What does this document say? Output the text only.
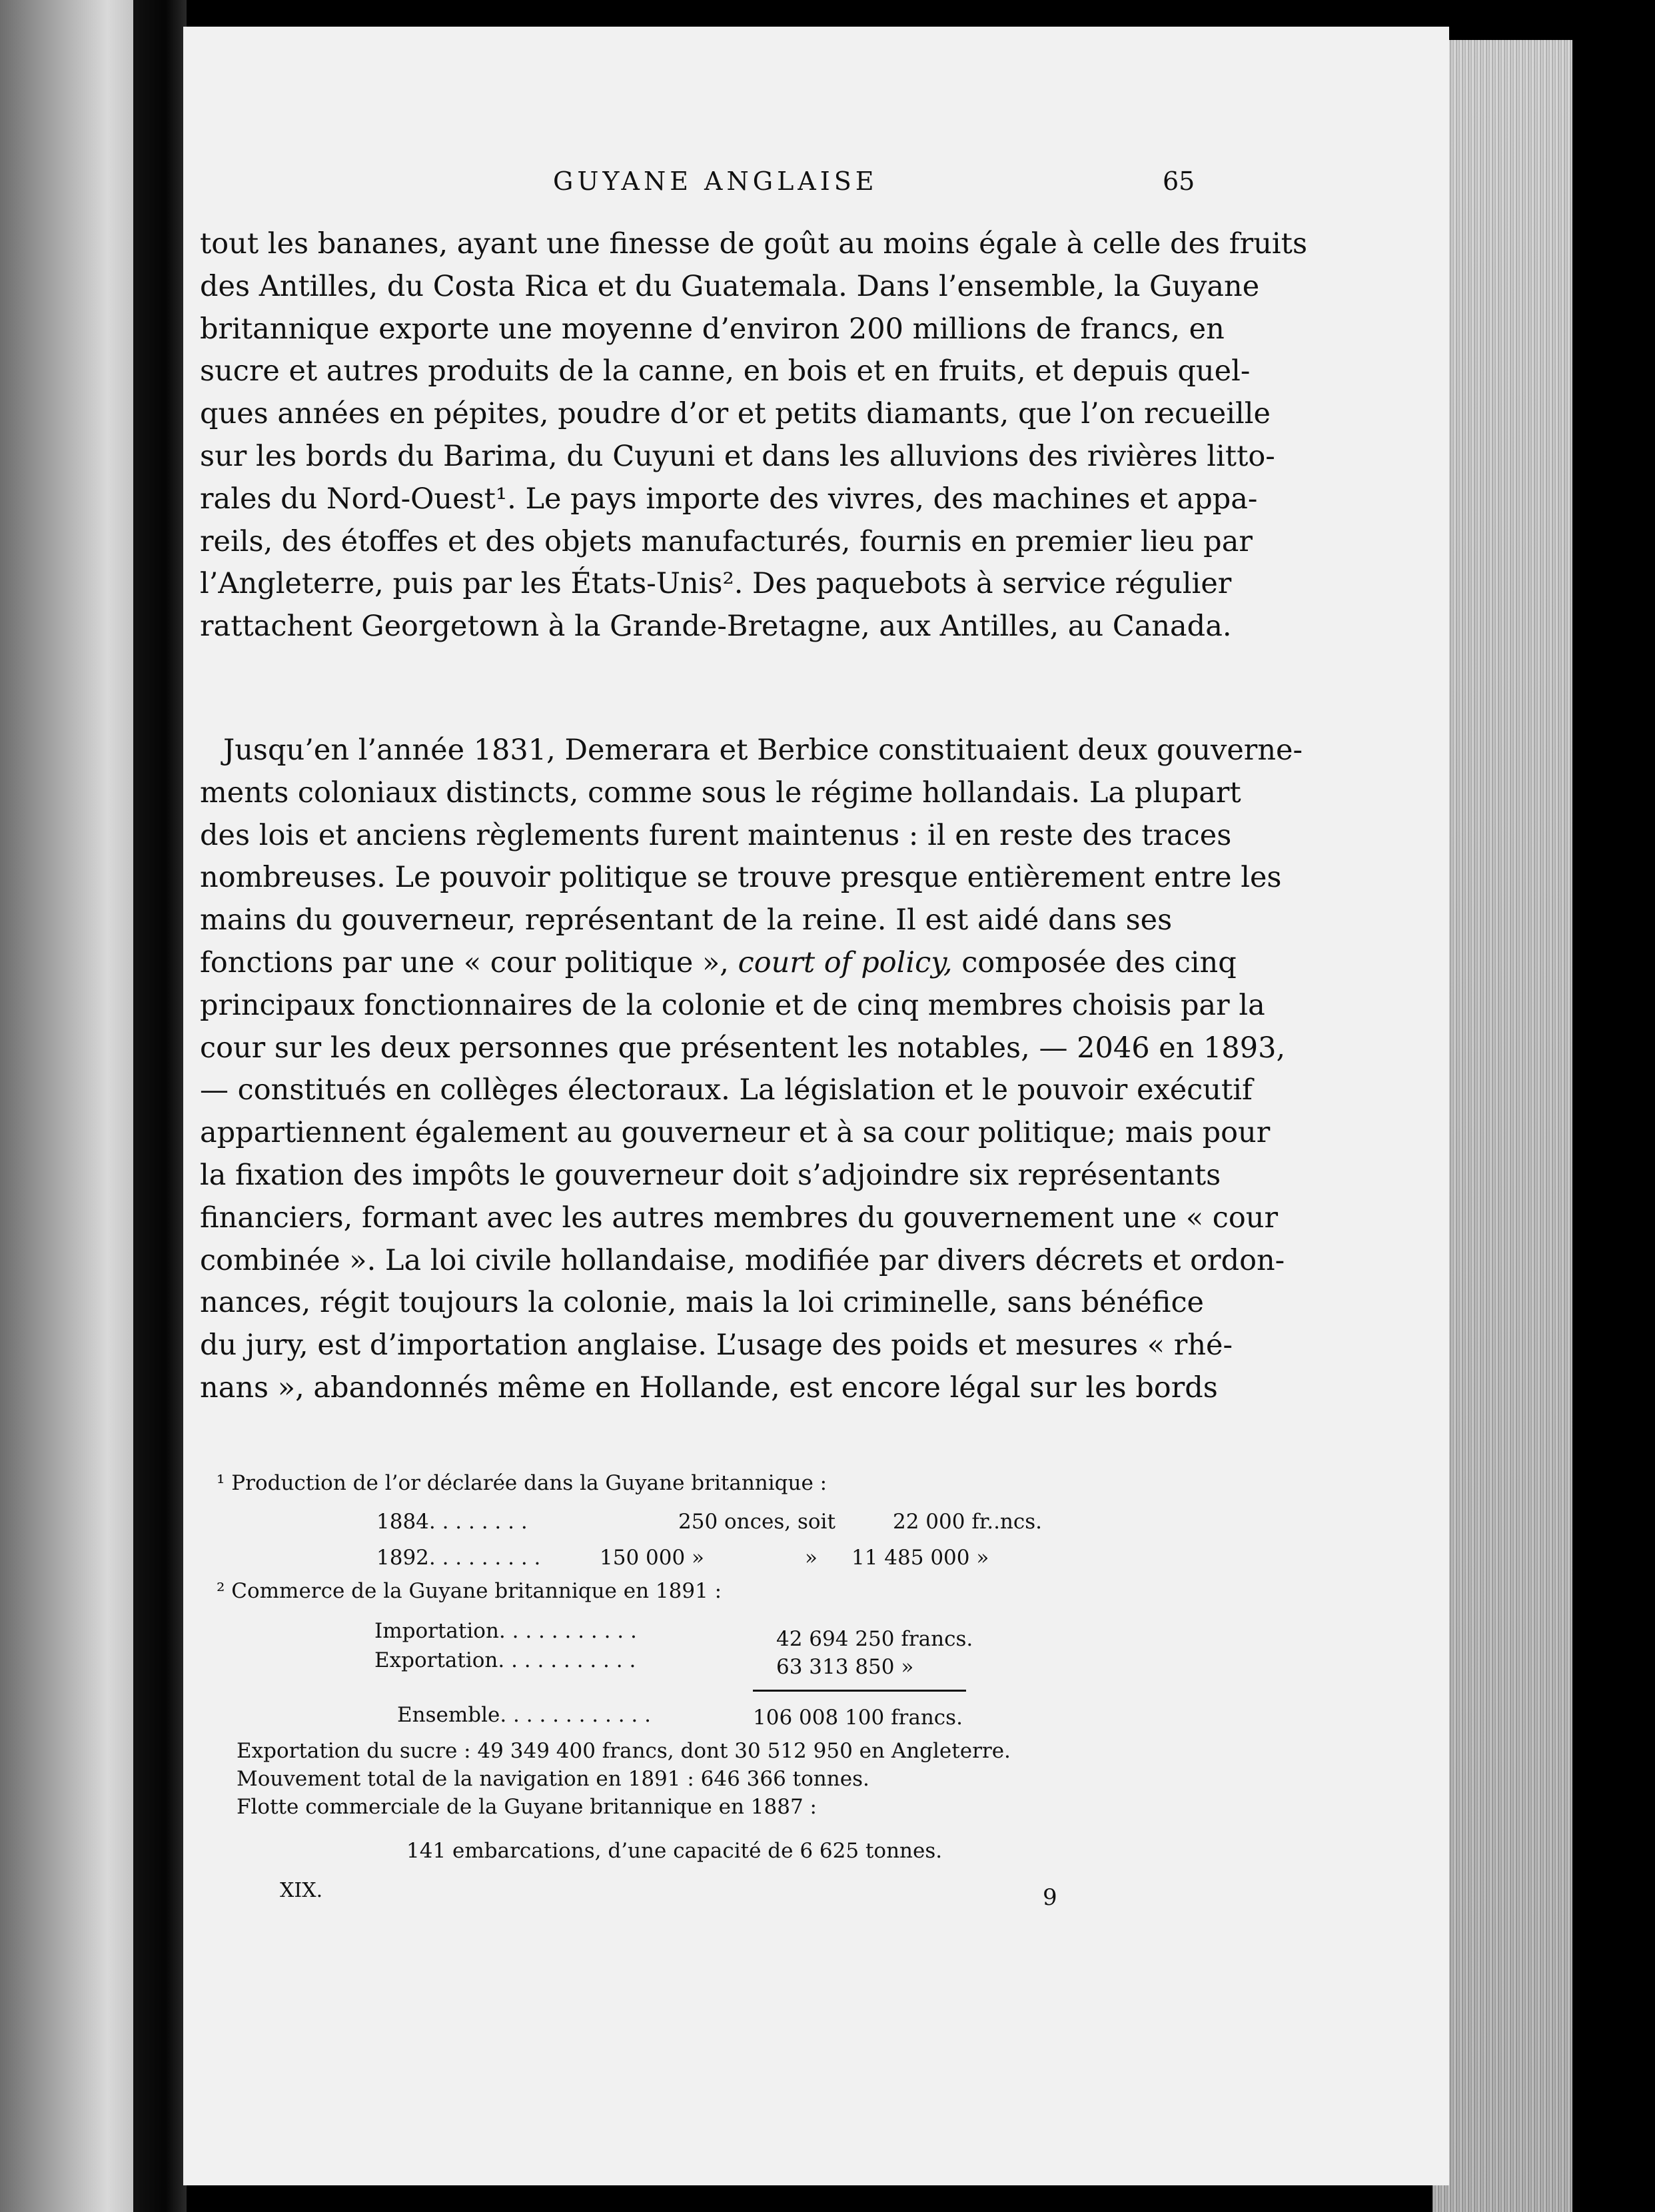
GUYANE ANGLAISE	65
tout les bananes, ayant une finesse de goût au moins égale à celle des fruits
des Antilles, du Costa Rica et du Guatemala. Dans l’ensemble, la Guyane
britannique exporte une moyenne d’environ 200 millions de francs, en
sucre et autres produits de la canne, en bois et en fruits, et depuis quel-
ques années en pépites, poudre d’or et petits diamants, que l’on recueille
sur les bords du Barima, du Cuyuni et dans les alluvions des rivières litto-
rales du Nord-Ouest¹. Le pays importe des vivres, des machines et appa-
reils, des étoffes et des objets manufacturés, fournis en premier lieu par
l’Angleterre, puis par les États-Unis². Des paquebots à service régulier
rattachent Georgetown à la Grande-Bretagne, aux Antilles, au Canada.
Jusqu’en l’année 1831, Demerara et Berbice constituaient deux gouverne-
ments coloniaux distincts, comme sous le régime hollandais. La plupart
des lois et anciens règlements furent maintenus : il en reste des traces
nombreuses. Le pouvoir politique se trouve presque entièrement entre les
mains du gouverneur, représentant de la reine. Il est aidé dans ses
fonctions par une « cour politique », court of policy, composée des cinq
principaux fonctionnaires de la colonie et de cinq membres choisis par la
cour sur les deux personnes que présentent les notables, — 2046 en 1893,
— constitués en collèges électoraux. La législation et le pouvoir exécutif
appartiennent également au gouverneur et à sa cour politique; mais pour
la fixation des impôts le gouverneur doit s’adjoindre six représentants
financiers, formant avec les autres membres du gouvernement une « cour
combinée ». La loi civile hollandaise, modifiée par divers décrets et ordon-
nances, régit toujours la colonie, mais la loi criminelle, sans bénéfice
du jury, est d’importation anglaise. L’usage des poids et mesures « rhé-
nans », abandonnés même en Hollande, est encore légal sur les bords
¹ Production de l’or déclarée dans la Guyane britannique :
1884. . . . . . . .	250 onces, soit	22 000 fr..ncs.
1892. . . . . . . . .	150 000 »	» 11 485 000 »
² Commerce de la Guyane britannique en 1891 :
Importation. . . . . . . . . . .	42 694 250 francs.
Exportation. . . . . . . . . . .	63 313 850 »
Ensemble. . . . . . . . . . . .	106 008 100 francs.
Exportation du sucre : 49 349 400 francs, dont 30 512 950 en Angleterre.
Mouvement total de la navigation en 1891 : 646 366 tonnes.
Flotte commerciale de la Guyane britannique en 1887 :
141 embarcations, d’une capacité de 6 625 tonnes.
XIX.	9
